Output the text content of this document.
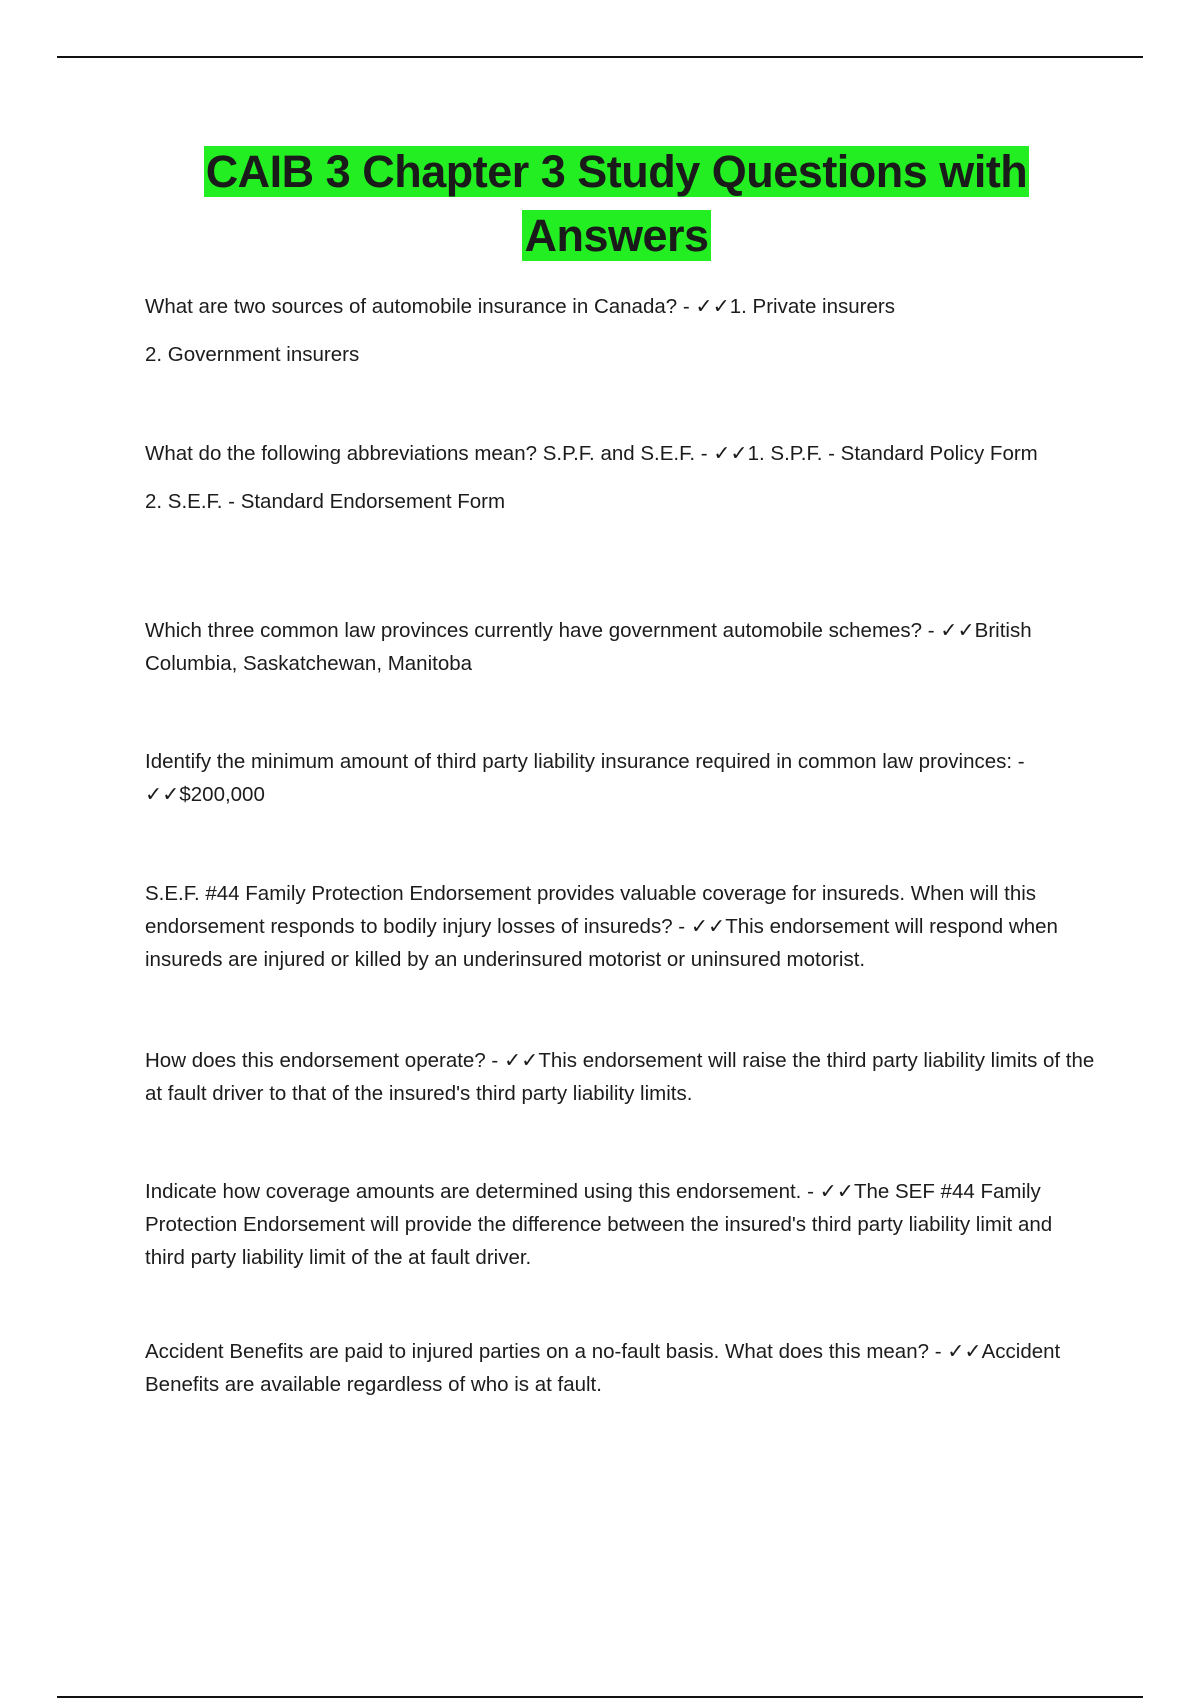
CAIB 3 Chapter 3 Study Questions with Answers

What are two sources of automobile insurance in Canada? - ✓✓1. Private insurers

2. Government insurers

What do the following abbreviations mean? S.P.F. and S.E.F. - ✓✓1. S.P.F. - Standard Policy Form

2. S.E.F. - Standard Endorsement Form

Which three common law provinces currently have government automobile schemes? - ✓✓British Columbia, Saskatchewan, Manitoba

Identify the minimum amount of third party liability insurance required in common law provinces: - ✓✓$200,000

S.E.F. #44 Family Protection Endorsement provides valuable coverage for insureds. When will this endorsement responds to bodily injury losses of insureds? - ✓✓This endorsement will respond when insureds are injured or killed by an underinsured motorist or uninsured motorist.

How does this endorsement operate? - ✓✓This endorsement will raise the third party liability limits of the at fault driver to that of the insured's third party liability limits.

Indicate how coverage amounts are determined using this endorsement. - ✓✓The SEF #44 Family Protection Endorsement will provide the difference between the insured's third party liability limit and third party liability limit of the at fault driver.

Accident Benefits are paid to injured parties on a no-fault basis. What does this mean? - ✓✓Accident Benefits are available regardless of who is at fault.
